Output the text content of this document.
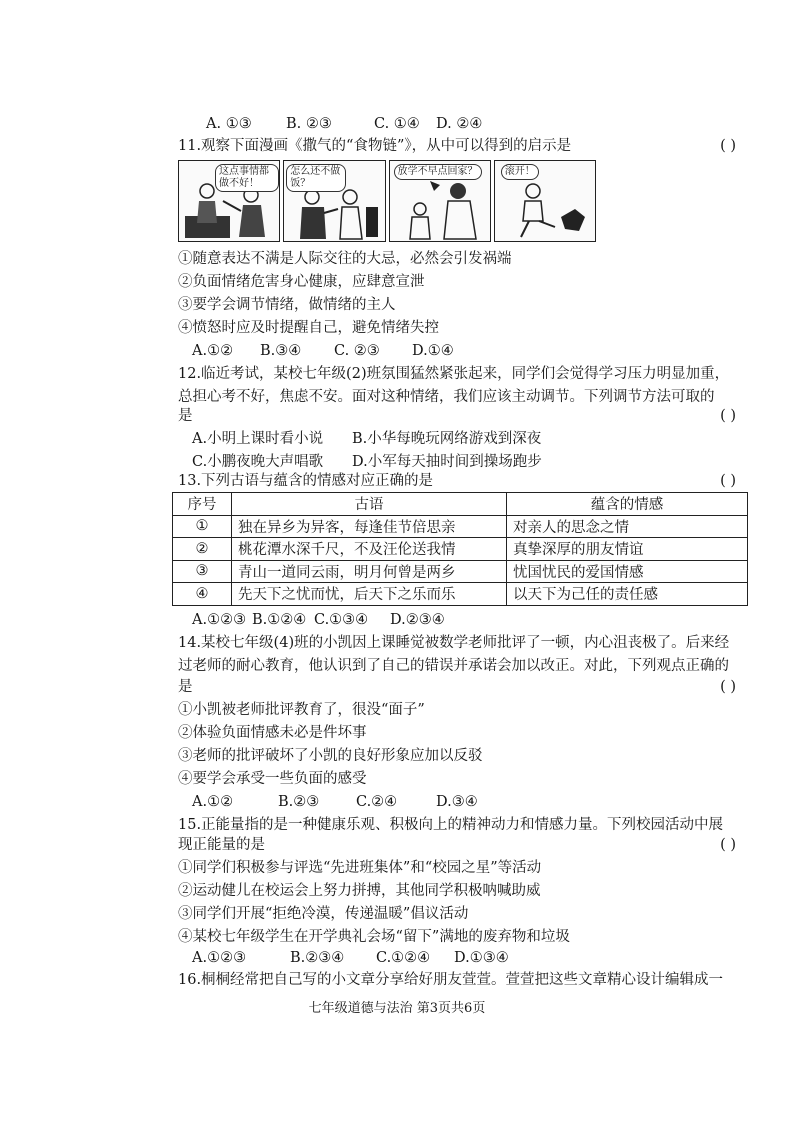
A. ①③	B. ②③	C. ①④	D. ②④
11.观察下面漫画《撒气的“食物链”》，从中可以得到的启示是	( )
这点事情都做不好！
怎么还不做饭？
放学不早点回家？	滚开！
①随意表达不满是人际交往的大忌，必然会引发祸端
②负面情绪危害身心健康，应肆意宣泄
③要学会调节情绪，做情绪的主人
④愤怒时应及时提醒自己，避免情绪失控
A.①②	B.③④	C. ②③	D.①④
12.临近考试，某校七年级(2)班氛围猛然紧张起来，同学们会觉得学习压力明显加重，
总担心考不好，焦虑不安。面对这种情绪，我们应该主动调节。下列调节方法可取的
是	( )
A.小明上课时看小说 B.小华每晚玩网络游戏到深夜
C.小鹏夜晚大声唱歌 D.小军每天抽时间到操场跑步
13.下列古语与蕴含的情感对应正确的是	( )
序号	古语	蕴含的情感
①	独在异乡为异客，每逢佳节倍思亲	对亲人的思念之情
②	桃花潭水深千尺，不及汪伦送我情	真挚深厚的朋友情谊
③	青山一道同云雨，明月何曾是两乡	忧国忧民的爱国情感
④	先天下之忧而忧，后天下之乐而乐	以天下为己任的责任感
A.①②③ B.①②④ C.①③④	D.②③④
14.某校七年级(4)班的小凯因上课睡觉被数学老师批评了一顿，内心沮丧极了。后来经
过老师的耐心教育，他认识到了自己的错误并承诺会加以改正。对此，下列观点正确的
是	( )
①小凯被老师批评教育了，很没“面子”
②体验负面情感未必是件坏事
③老师的批评破坏了小凯的良好形象应加以反驳
④要学会承受一些负面的感受
A.①②	B.②③	C.②④	D.③④
15.正能量指的是一种健康乐观、积极向上的精神动力和情感力量。下列校园活动中展
现正能量的是	( )
①同学们积极参与评选“先进班集体”和“校园之星”等活动
②运动健儿在校运会上努力拼搏，其他同学积极呐喊助威
③同学们开展“拒绝冷漠，传递温暖”倡议活动
④某校七年级学生在开学典礼会场“留下”满地的废弃物和垃圾
A.①②③	B.②③④	C.①②④	D.①③④
16.桐桐经常把自己写的小文章分享给好朋友萱萱。萱萱把这些文章精心设计编辑成一
七年级道德与法治 第3页共6页
